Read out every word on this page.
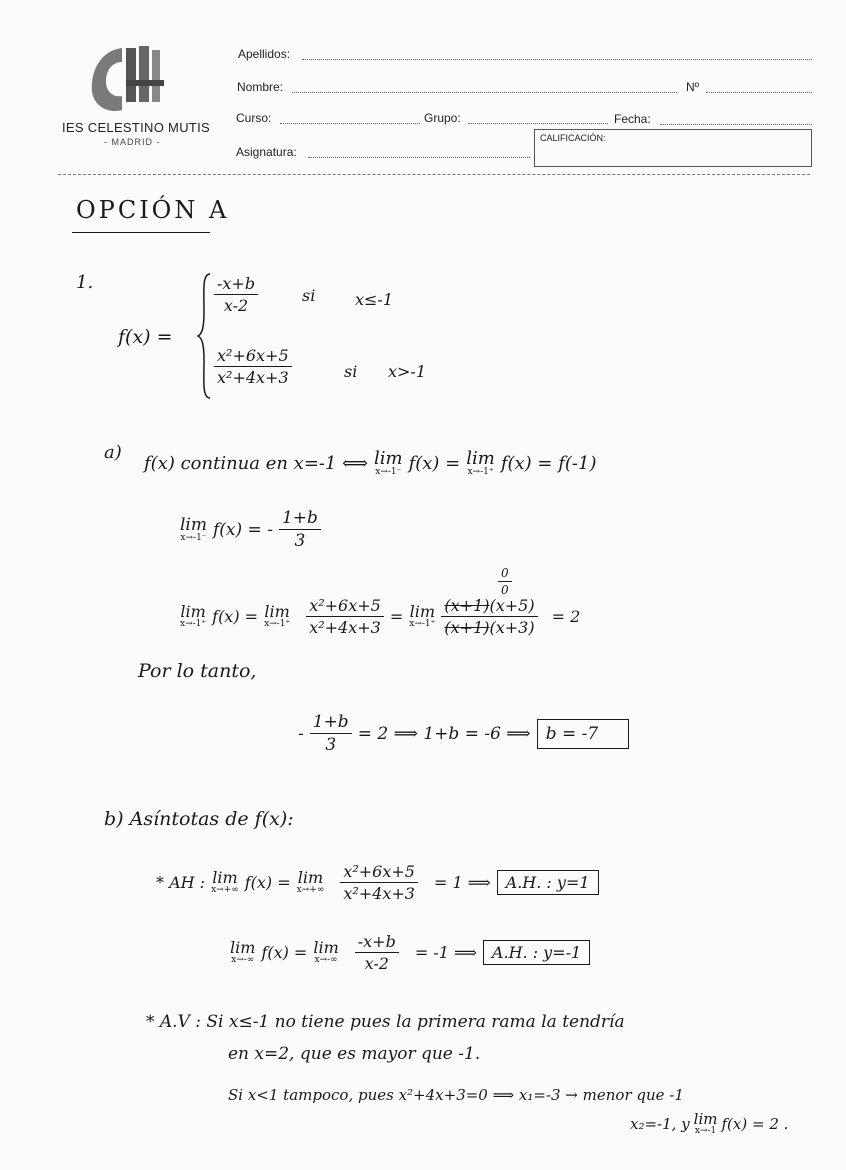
IES CELESTINO MUTIS
- MADRID -
Apellidos:
Nombre:	Nº
Curso:	Grupo:	Fecha:
Asignatura:
CALIFICACIÓN:
OPCIÓN A
1.
f(x) =
$\frac{-x+b}{x-2}$	si x≤-1
$\frac{\text{x²+6x+5}}{\text{x²+4x+3}}$	si x>-1
a)
f(x) continua en x=-1 ⟺ lim
x→-1⁻ f(x) = lim
x→-1⁺ f(x) = f(-1)
lim
x→-1⁻ f(x) = - $\frac{1+b}{3}$
$\frac{0}{0}$
lim
x→-1⁺ f(x) = lim
$x\to-1^+ \frac{\text{x²+6x+5}}{\text{x²+4x+3}} = \lim$
$x\to-1^+ \frac{(x+1)(x+5)}{(x+1)(x+3)} = 2$
Por lo tanto,
- $\frac{1+b}{3} = 2$ ⟹ 1+b = -6 ⟹ b = -7
b) Asíntotas de f(x):
* AH : lim
x→+∞ f(x) = lim
$x\to+\infty \frac{\text{x²+6x+5}}{\text{x²+4x+3}} = 1$ ⟹ A.H. : y=1
lim
x→-∞ f(x) = lim
$x\to-\infty \frac{-x+b}{x-2} = -1$ ⟹ A.H. : y=-1
* A.V : Si x≤-1 no tiene pues la primera rama la tendría
en x=2, que es mayor que -1.
Si x<1 tampoco, pues x²+4x+3=0 ⟹ x₁=-3 → menor que -1
x₂=-1, y lim
x→-1 f(x) = 2 .
